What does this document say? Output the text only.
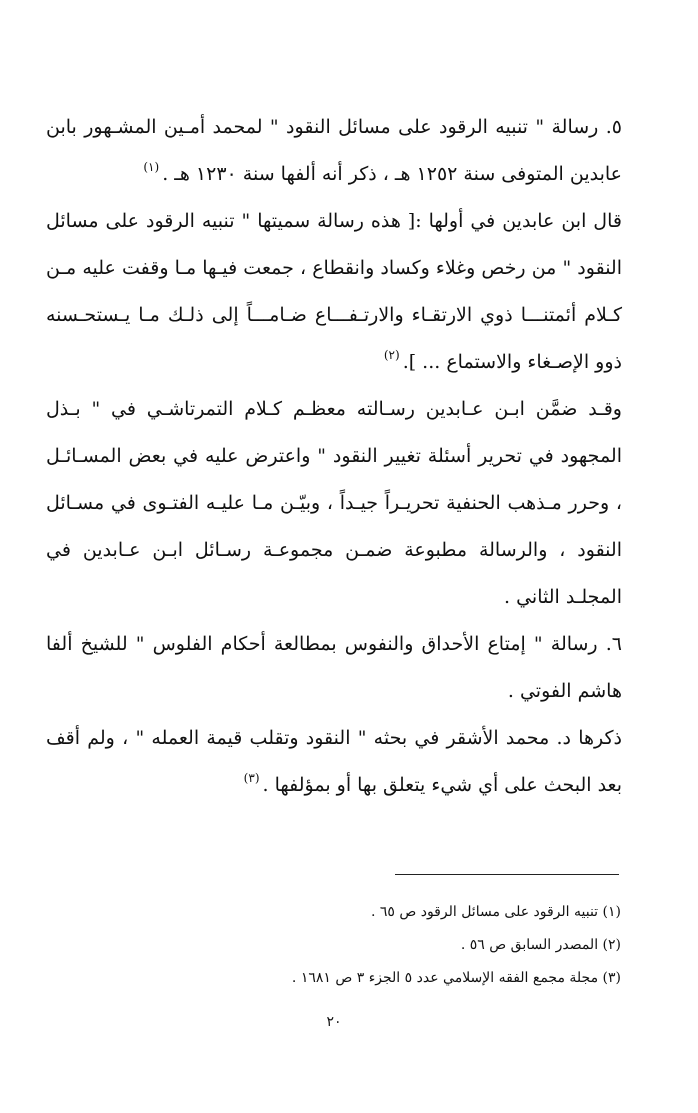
٥. رسالة " تنبيه الرقود على مسائل النقود " لمحمد أمـين المشـهور بابن عابدين المتوفى سنة ١٢٥٢ هـ ، ذكر أنه ألفها سنة ١٢٣٠ هـ .$^{(١)}$

قال ابن عابدين في أولها :[ هذه رسالة سميتها " تنبيه الرقود على مسائل النقود " من رخص وغلاء وكساد وانقطاع ، جمعت فيـها مـا وقفت عليه مـن كـلام أئمتنـــا ذوي الارتقـاء والارتـفـــاع ضـامـــاً إلى ذلـك مـا يـستحـسنه ذوو الإصـغاء والاستماع ... ].$^{(٢)}$

وقـد ضمَّن ابـن عـابدين رسـالته معظـم كـلام التمرتاشـي في " بـذل المجهود في تحرير أسئلة تغيير النقود " واعترض عليه في بعض المسـائـل ، وحرر مـذهب الحنفية تحريـراً جيـداً ، وبيّـن مـا عليـه الفتـوى في مسـائل النقود ، والرسالة مطبوعة ضمـن مجموعـة رسـائل ابـن عـابدين في المجلـد الثاني .

٦. رسالة " إمتاع الأحداق والنفوس بمطالعة أحكام الفلوس " للشيخ ألفا هاشم الفوتي .

ذكرها د. محمد الأشقر في بحثه " النقود وتقلب قيمة العمله " ، ولم أقف بعد البحث على أي شيء يتعلق بها أو بمؤلفها .$^{(٣)}$

(١) تنبيه الرقود على مسائل الرقود ص ٦٥ .

(٢) المصدر السابق ص ٥٦ .

(٣) مجلة مجمع الفقه الإسلامي عدد ٥ الجزء ٣ ص ١٦٨١ .

٢٠
